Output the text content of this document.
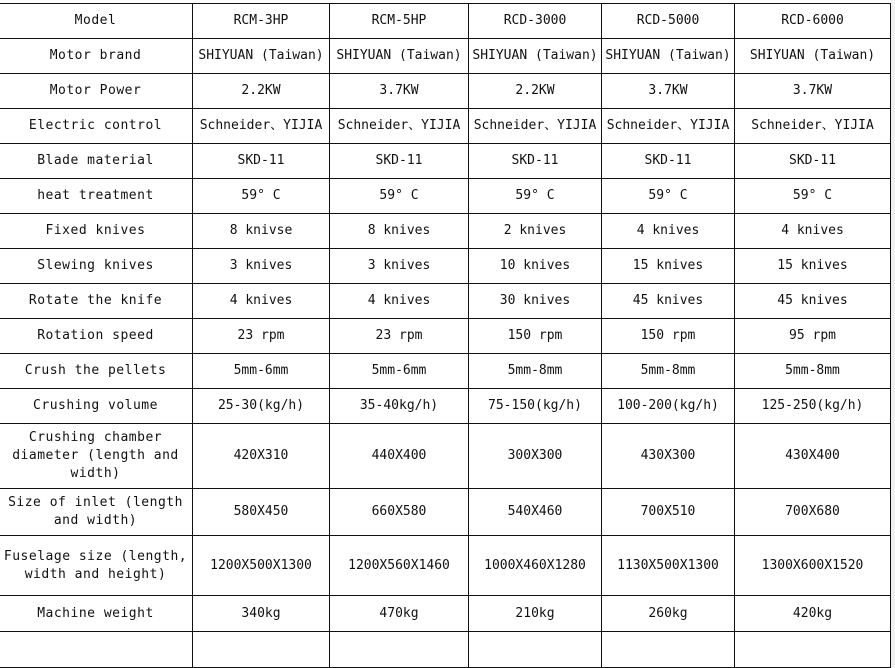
Model	RCM-3HP	RCM-5HP	RCD-3000	RCD-5000	RCD-6000
Motor brand	SHIYUAN (Taiwan)	SHIYUAN (Taiwan)	SHIYUAN (Taiwan)	SHIYUAN (Taiwan)	SHIYUAN (Taiwan)
Motor Power	2.2KW	3.7KW	2.2KW	3.7KW	3.7KW
Electric control	Schneider、YIJIA	Schneider、YIJIA	Schneider、YIJIA	Schneider、YIJIA	Schneider、YIJIA
Blade material	SKD-11	SKD-11	SKD-11	SKD-11	SKD-11
heat treatment	59° C	59° C	59° C	59° C	59° C
Fixed knives	8 knivse	8 knives	2 knives	4 knives	4 knives
Slewing knives	3 knives	3 knives	10 knives	15 knives	15 knives
Rotate the knife	4 knives	4 knives	30 knives	45 knives	45 knives
Rotation speed	23 rpm	23 rpm	150 rpm	150 rpm	95 rpm
Crush the pellets	5mm-6mm	5mm-6mm	5mm-8mm	5mm-8mm	5mm-8mm
Crushing volume	25-30(kg/h)	35-40kg/h)	75-150(kg/h)	100-200(kg/h)	125-250(kg/h)
Crushing chamber diameter (length and width)	420X310	440X400	300X300	430X300	430X400
Size of inlet (length and width)	580X450	660X580	540X460	700X510	700X680
Fuselage size (length, width and height)	1200X500X1300	1200X560X1460	1000X460X1280	1130X500X1300	1300X600X1520
Machine weight	340kg	470kg	210kg	260kg	420kg
